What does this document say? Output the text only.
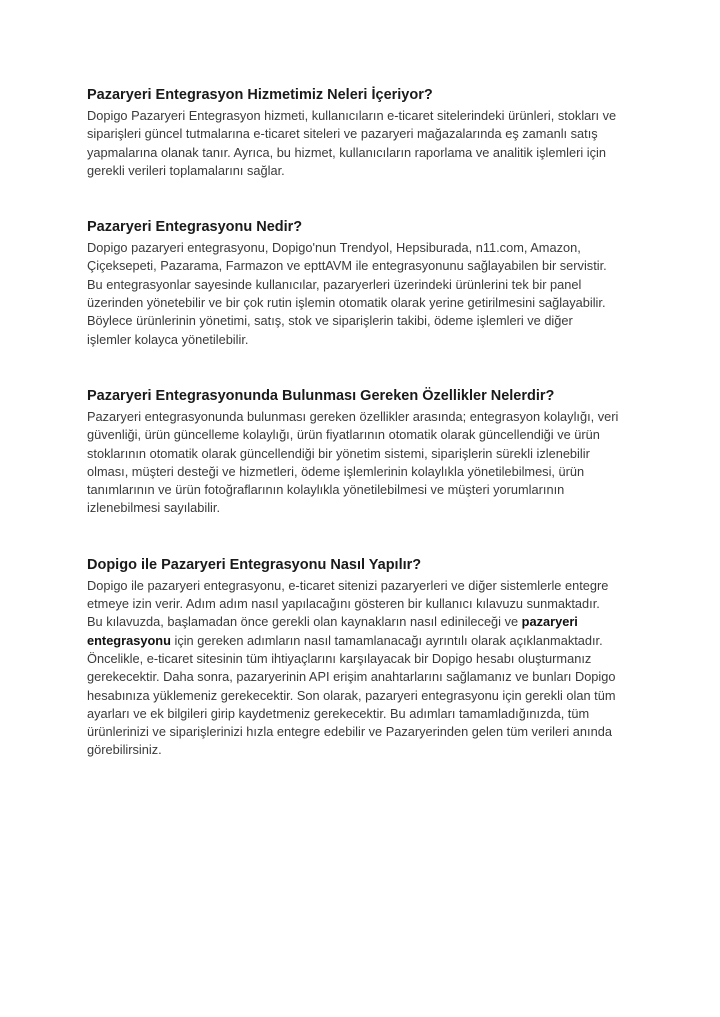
Pazaryeri Entegrasyon Hizmetimiz Neleri İçeriyor?

Dopigo Pazaryeri Entegrasyon hizmeti, kullanıcıların e-ticaret sitelerindeki ürünleri, stokları ve
siparişleri güncel tutmalarına e-ticaret siteleri ve pazaryeri mağazalarında eş zamanlı satış
yapmalarına olanak tanır. Ayrıca, bu hizmet, kullanıcıların raporlama ve analitik işlemleri için
gerekli verileri toplamalarını sağlar.

Pazaryeri Entegrasyonu Nedir?

Dopigo pazaryeri entegrasyonu, Dopigo'nun Trendyol, Hepsiburada, n11.com, Amazon,
Çiçeksepeti, Pazarama, Farmazon ve epttAVM ile entegrasyonunu sağlayabilen bir servistir.
Bu entegrasyonlar sayesinde kullanıcılar, pazaryerleri üzerindeki ürünlerini tek bir panel
üzerinden yönetebilir ve bir çok rutin işlemin otomatik olarak yerine getirilmesini sağlayabilir.
Böylece ürünlerinin yönetimi, satış, stok ve siparişlerin takibi, ödeme işlemleri ve diğer
işlemler kolayca yönetilebilir.

Pazaryeri Entegrasyonunda Bulunması Gereken Özellikler Nelerdir?

Pazaryeri entegrasyonunda bulunması gereken özellikler arasında; entegrasyon kolaylığı, veri
güvenliği, ürün güncelleme kolaylığı, ürün fiyatlarının otomatik olarak güncellendiği ve ürün
stoklarının otomatik olarak güncellendiği bir yönetim sistemi, siparişlerin sürekli izlenebilir
olması, müşteri desteği ve hizmetleri, ödeme işlemlerinin kolaylıkla yönetilebilmesi, ürün
tanımlarının ve ürün fotoğraflarının kolaylıkla yönetilebilmesi ve müşteri yorumlarının
izlenebilmesi sayılabilir.

Dopigo ile Pazaryeri Entegrasyonu Nasıl Yapılır?

Dopigo ile pazaryeri entegrasyonu, e-ticaret sitenizi pazaryerleri ve diğer sistemlerle entegre
etmeye izin verir. Adım adım nasıl yapılacağını gösteren bir kullanıcı kılavuzu sunmaktadır.
Bu kılavuzda, başlamadan önce gerekli olan kaynakların nasıl edinileceği ve pazaryeri
entegrasyonu için gereken adımların nasıl tamamlanacağı ayrıntılı olarak açıklanmaktadır.
Öncelikle, e-ticaret sitesinin tüm ihtiyaçlarını karşılayacak bir Dopigo hesabı oluşturmanız
gerekecektir. Daha sonra, pazaryerinin API erişim anahtarlarını sağlamanız ve bunları Dopigo
hesabınıza yüklemeniz gerekecektir. Son olarak, pazaryeri entegrasyonu için gerekli olan tüm
ayarları ve ek bilgileri girip kaydetmeniz gerekecektir. Bu adımları tamamladığınızda, tüm
ürünlerinizi ve siparişlerinizi hızla entegre edebilir ve Pazaryerinden gelen tüm verileri anında
görebilirsiniz.
